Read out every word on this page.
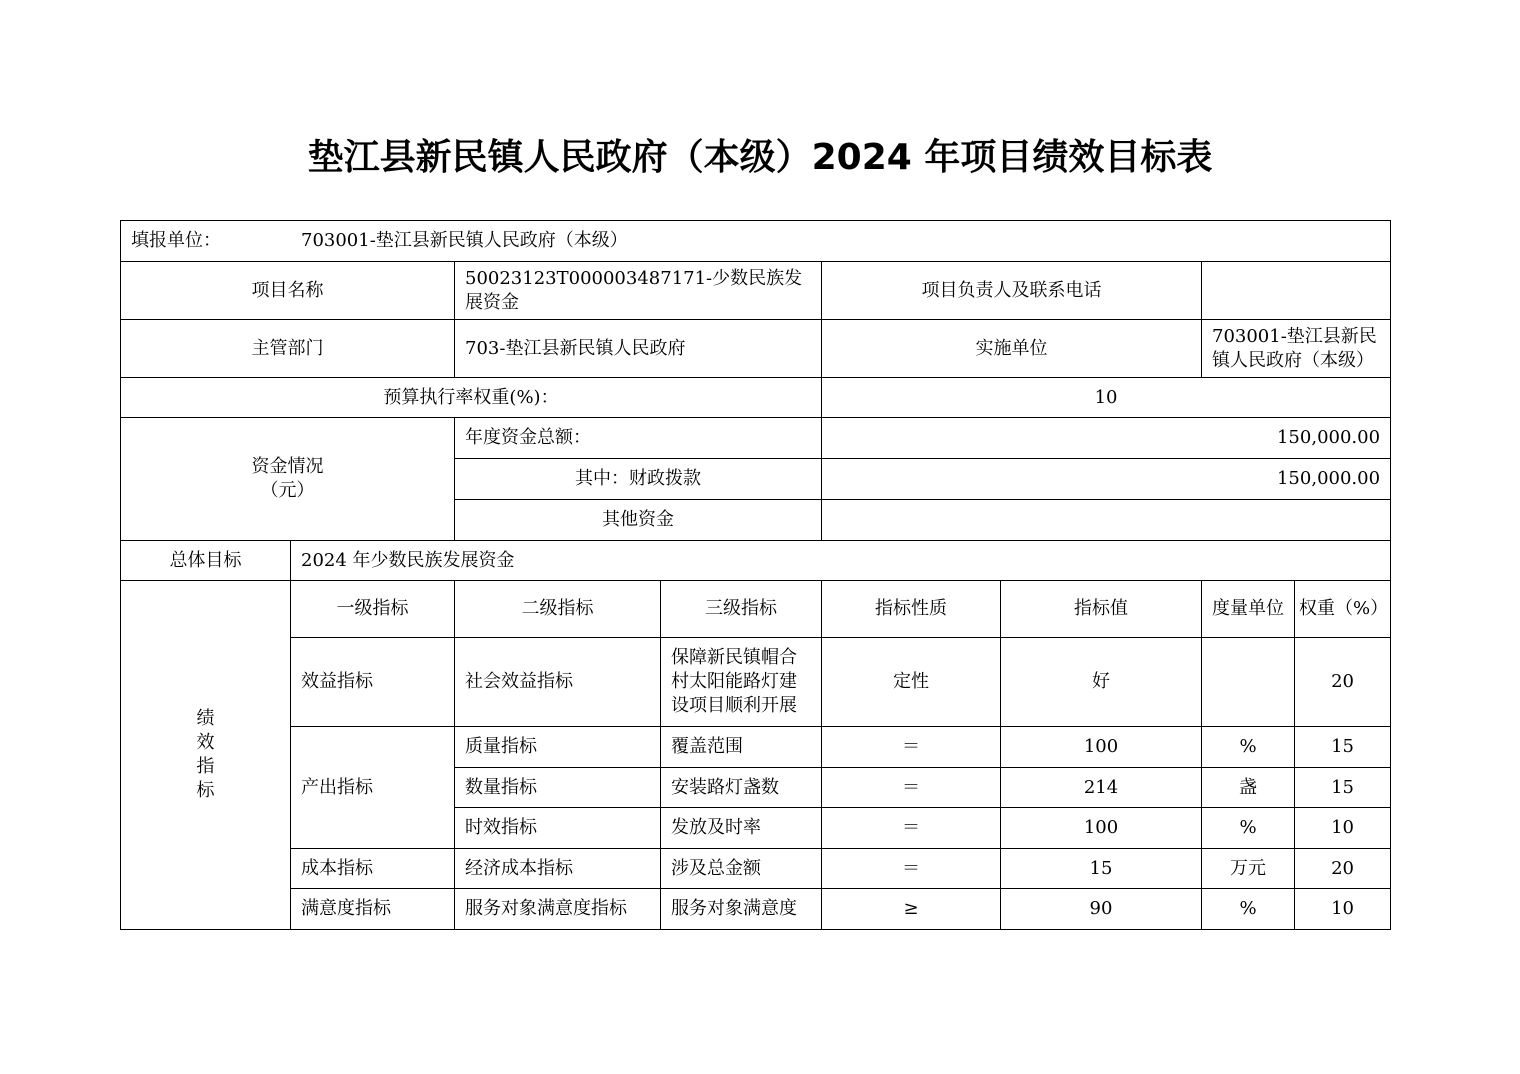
垫江县新民镇人民政府（本级）2024 年项目绩效目标表
填报单位： 703001-垫江县新民镇人民政府（本级）							
项目名称		50023123T000003487171-少数民族发展资金		项目负责人及联系电话			
主管部门		703-垫江县新民镇人民政府		实施单位		703001-垫江县新民镇人民政府（本级）	
预算执行率权重(%)：				10			

资金情况
（元）		年度资金总额：		150,000.00			
		其中：财政拨款		150,000.00			
		其他资金					
总体目标	2024 年少数民族发展资金						

绩
效
指
标	一级指标	二级指标	三级指标	指标性质	指标值	度量单位	权重（%）
	效益指标	社会效益指标	保障新民镇帽合村太阳能路灯建设项目顺利开展	定性	好		20
	产出指标	质量指标	覆盖范围	＝	100	%	15
		数量指标	安装路灯盏数	＝	214	盏	15
		时效指标	发放及时率	＝	100	%	10
	成本指标	经济成本指标	涉及总金额	＝	15	万元	20
	满意度指标	服务对象满意度指标	服务对象满意度	≥	90	%	10
